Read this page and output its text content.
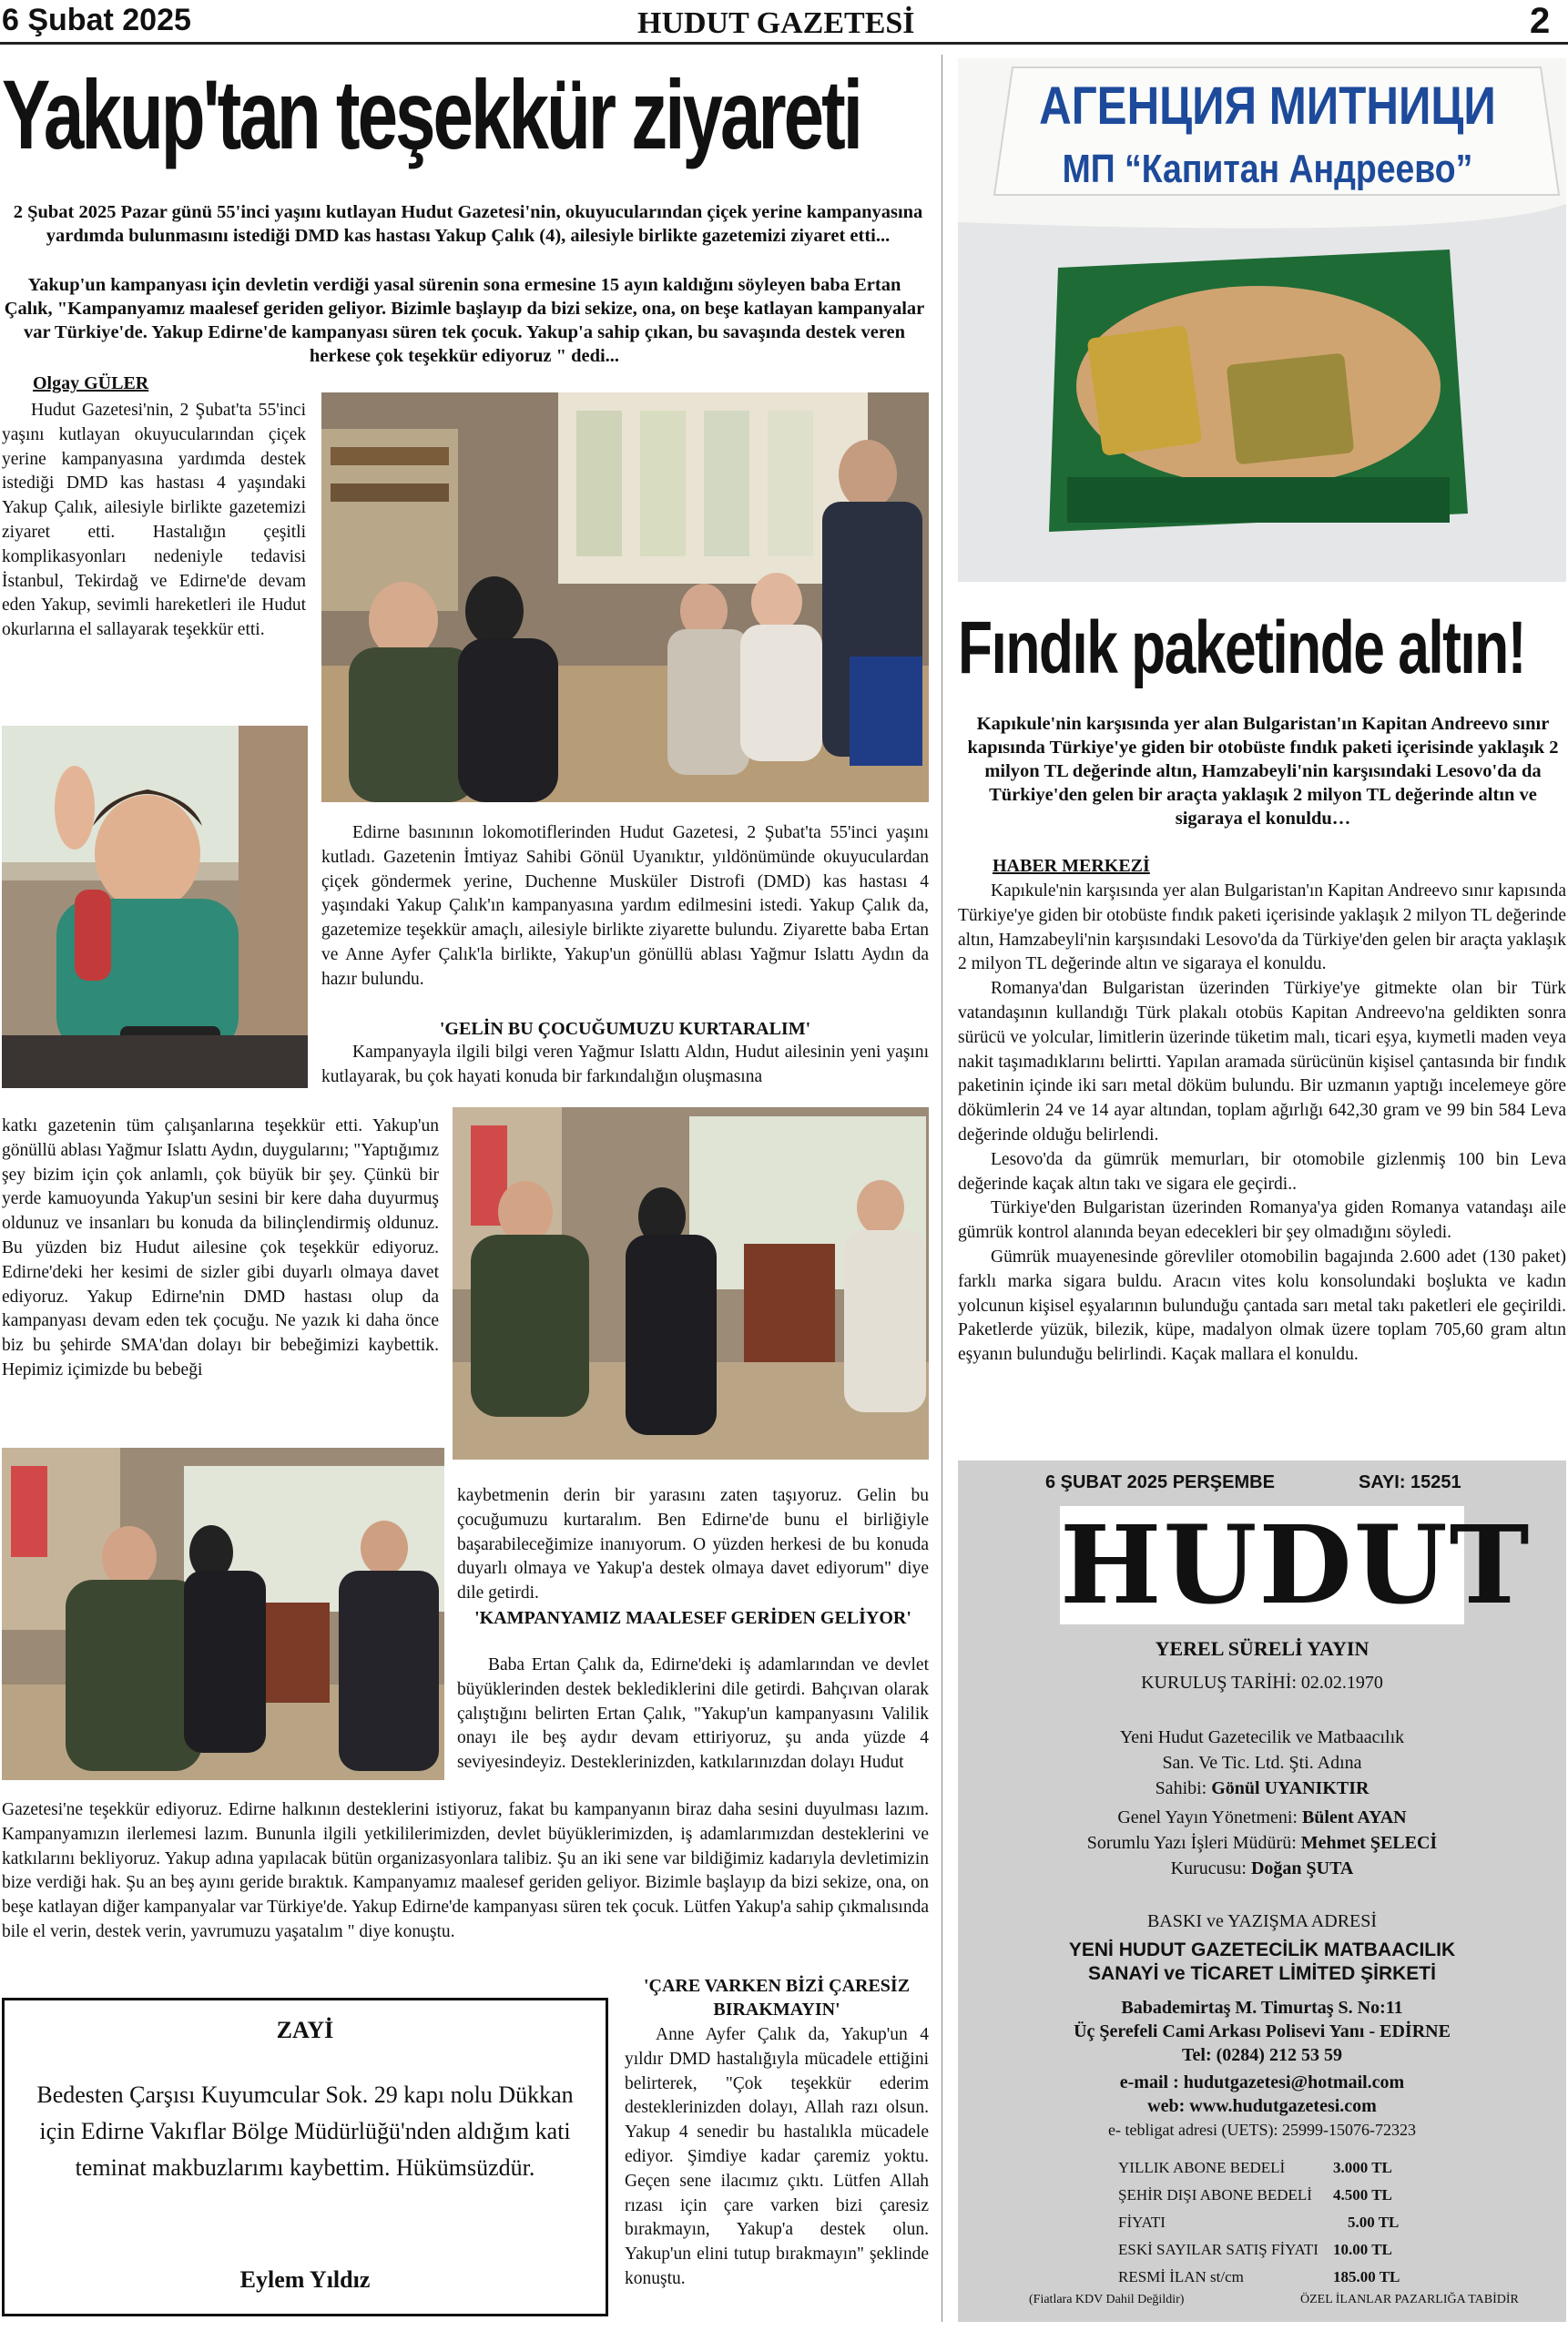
6 Şubat 2025	HUDUT GAZETESİ	2
Yakup'tan teşekkür ziyareti
2 Şubat 2025 Pazar günü 55'inci yaşını kutlayan Hudut Gazetesi'nin, okuyucularından çiçek yerine kampanyasına yardımda bulunmasını istediği DMD kas hastası Yakup Çalık (4), ailesiyle birlikte gazetemizi ziyaret etti...
Yakup'un kampanyası için devletin verdiği yasal sürenin sona ermesine 15 ayın kaldığını söyleyen baba Ertan Çalık, "Kampanyamız maalesef geriden geliyor. Bizimle başlayıp da bizi sekize, ona, on beşe katlayan kampanyalar var Türkiye'de. Yakup Edirne'de kampanyası süren tek çocuk. Yakup'a sahip çıkan, bu savaşında destek veren herkese çok teşekkür ediyoruz " dedi...
Olgay GÜLER
Hudut Gazetesi'nin, 2 Şubat'ta 55'inci yaşını kutlayan okuyucularından çiçek yerine kampanyasına yardımda destek istediği DMD kas hastası 4 yaşındaki Yakup Çalık, ailesiyle birlikte gazetemizi ziyaret etti. Hastalığın çeşitli komplikasyonları nedeniyle tedavisi İstanbul, Tekirdağ ve Edirne'de devam eden Yakup, sevimli hareketleri ile Hudut okurlarına el sallayarak teşekkür etti.
Edirne basınının lokomotiflerinden Hudut Gazetesi, 2 Şubat'ta 55'inci yaşını kutladı. Gazetenin İmtiyaz Sahibi Gönül Uyanıktır, yıldönümünde okuyuculardan çiçek göndermek yerine, Duchenne Musküler Distrofi (DMD) kas hastası 4 yaşındaki Yakup Çalık'ın kampanyasına yardım edilmesini istedi. Yakup Çalık da, gazetemize teşekkür amaçlı, ailesiyle birlikte ziyarette bulundu. Ziyarette baba Ertan ve Anne Ayfer Çalık'la birlikte, Yakup'un gönüllü ablası Yağmur Islattı Aydın da hazır bulundu.
'GELİN BU ÇOCUĞUMUZU KURTARALIM'
Kampanyayla ilgili bilgi veren Yağmur Islattı Aldın, Hudut ailesinin yeni yaşını kutlayarak, bu çok hayati konuda bir farkındalığın oluşmasına
katkı gazetenin tüm çalışanlarına teşekkür etti. Yakup'un gönüllü ablası Yağmur Islattı Aydın, duygularını; "Yaptığımız şey bizim için çok anlamlı, çok büyük bir şey. Çünkü bir yerde kamuoyunda Yakup'un sesini bir kere daha duyurmuş oldunuz ve insanları bu konuda da bilinçlendirmiş oldunuz. Bu yüzden biz Hudut ailesine çok teşekkür ediyoruz. Edirne'deki her kesimi de sizler gibi duyarlı olmaya davet ediyoruz. Yakup Edirne'nin DMD hastası olup da kampanyası devam eden tek çocuğu. Ne yazık ki daha önce biz bu şehirde SMA'dan dolayı bir bebeğimizi kaybettik. Hepimiz içimizde bu bebeği
kaybetmenin derin bir yarasını zaten taşıyoruz. Gelin bu çocuğumuzu kurtaralım. Ben Edirne'de bunu el birliğiyle başarabileceğimize inanıyorum. O yüzden herkesi de bu konuda duyarlı olmaya ve Yakup'a destek olmaya davet ediyorum" diye dile getirdi.
'KAMPANYAMIZ MAALESEF GERİDEN GELİYOR'
Baba Ertan Çalık da, Edirne'deki iş adamlarından ve devlet büyüklerinden destek beklediklerini dile getirdi. Bahçıvan olarak çalıştığını belirten Ertan Çalık, "Yakup'un kampanyasını Valilik onayı ile beş aydır devam ettiriyoruz, şu anda yüzde 4 seviyesindeyiz. Desteklerinizden, katkılarınızdan dolayı Hudut
Gazetesi'ne teşekkür ediyoruz. Edirne halkının desteklerini istiyoruz, fakat bu kampanyanın biraz daha sesini duyulması lazım. Kampanyamızın ilerlemesi lazım. Bununla ilgili yetkililerimizden, devlet büyüklerimizden, iş adamlarımızdan desteklerini ve katkılarını bekliyoruz. Yakup adına yapılacak bütün organizasyonlara talibiz. Şu an iki sene var bildiğimiz kadarıyla devletimizin bize verdiği hak. Şu an beş ayını geride bıraktık. Kampanyamız maalesef geriden geliyor. Bizimle başlayıp da bizi sekize, ona, on beşe katlayan diğer kampanyalar var Türkiye'de. Yakup Edirne'de kampanyası süren tek çocuk. Lütfen Yakup'a sahip çıkmalısında bile el verin, destek verin, yavrumuzu yaşatalım " diye konuştu.
'ÇARE VARKEN BİZİ ÇARESİZ BIRAKMAYIN'
Anne Ayfer Çalık da, Yakup'un 4 yıldır DMD hastalığıyla mücadele ettiğini belirterek, "Çok teşekkür ederim desteklerinizden dolayı, Allah razı olsun. Yakup 4 senedir bu hastalıkla mücadele ediyor. Şimdiye kadar çaremiz yoktu. Geçen sene ilacımız çıktı. Lütfen Allah rızası için çare varken bizi çaresiz bırakmayın, Yakup'a destek olun. Yakup'un elini tutup bırakmayın" şeklinde konuştu.
ZAYİ
Bedesten Çarşısı Kuyumcular Sok. 29 kapı nolu Dükkan için Edirne Vakıflar Bölge Müdürlüğü'nden aldığım kati teminat makbuzlarımı kaybettim. Hükümsüzdür.
Eylem Yıldız
АГЕНЦИЯ МИТНИЦИ
МП “Капитан Андреево”
Fındık paketinde altın!
Kapıkule'nin karşısında yer alan Bulgaristan'ın Kapitan Andreevo sınır kapısında Türkiye'ye giden bir otobüste fındık paketi içerisinde yaklaşık 2 milyon TL değerinde altın, Hamzabeyli'nin karşısındaki Lesovo'da da Türkiye'den gelen bir araçta yaklaşık 2 milyon TL değerinde altın ve sigaraya el konuldu…
HABER MERKEZİ

Kapıkule'nin karşısında yer alan Bulgaristan'ın Kapitan Andreevo sınır kapısında Türkiye'ye giden bir otobüste fındık paketi içerisinde yaklaşık 2 milyon TL değerinde altın, Hamzabeyli'nin karşısındaki Lesovo'da da Türkiye'den gelen bir araçta yaklaşık 2 milyon TL değerinde altın ve sigaraya el konuldu.

Romanya'dan Bulgaristan üzerinden Türkiye'ye gitmekte olan bir Türk vatandaşının kullandığı Türk plakalı otobüs Kapitan Andreevo'na geldikten sonra sürücü ve yolcular, limitlerin üzerinde tüketim malı, ticari eşya, kıymetli maden veya nakit taşımadıklarını belirtti. Yapılan aramada sürücünün kişisel çantasında bir fındık paketinin içinde iki sarı metal döküm bulundu. Bir uzmanın yaptığı incelemeye göre dökümlerin 24 ve 14 ayar altından, toplam ağırlığı 642,30 gram ve 99 bin 584 Leva değerinde olduğu belirlendi.

Lesovo'da da gümrük memurları, bir otomobile gizlenmiş 100 bin Leva değerinde kaçak altın takı ve sigara ele geçirdi..

Türkiye'den Bulgaristan üzerinden Romanya'ya giden Romanya vatandaşı aile gümrük kontrol alanında beyan edecekleri bir şey olmadığını söyledi.

Gümrük muayenesinde görevliler otomobilin bagajında 2.600 adet (130 paket) farklı marka sigara buldu. Aracın vites kolu konsolundaki boşlukta ve kadın yolcunun kişisel eşyalarının bulunduğu çantada sarı metal takı paketleri ele geçirildi. Paketlerde yüzük, bilezik, küpe, madalyon olmak üzere toplam 705,60 gram altın eşyanın bulunduğu belirlindi. Kaçak mallara el konuldu.

6 ŞUBAT 2025 PERŞEMBE	SAYI: 15251
HUDUT
YEREL SÜRELİ YAYIN
KURULUŞ TARİHİ: 02.02.1970
Yeni Hudut Gazetecilik ve Matbaacılık
San. Ve Tic. Ltd. Şti. Adına
Sahibi: Gönül UYANIKTIR
Genel Yayın Yönetmeni: Bülent AYAN
Sorumlu Yazı İşleri Müdürü: Mehmet ŞELECİ
Kurucusu: Doğan ŞUTA
BASKI ve YAZIŞMA ADRESİ
YENİ HUDUT GAZETECİLİK MATBAACILIK
SANAYİ ve TİCARET LİMİTED ŞİRKETİ
Babademirtaş M. Timurtaş S. No:11
Üç Şerefeli Cami Arkası Polisevi Yanı - EDİRNE
Tel: (0284) 212 53 59
e-mail : hudutgazetesi@hotmail.com
web: www.hudutgazetesi.com
e- tebligat adresi (UETS): 25999-15076-72323
YILLIK ABONE BEDELİ	3.000 TL
ŞEHİR DIŞI ABONE BEDELİ	4.500 TL
FİYATI	5.00 TL
ESKİ SAYILAR SATIŞ FİYATI 10.00 TL
RESMİ İLAN st/cm	185.00 TL
(Fiatlara KDV Dahil Değildir)	ÖZEL İLANLAR PAZARLIĞA TABİDİR
